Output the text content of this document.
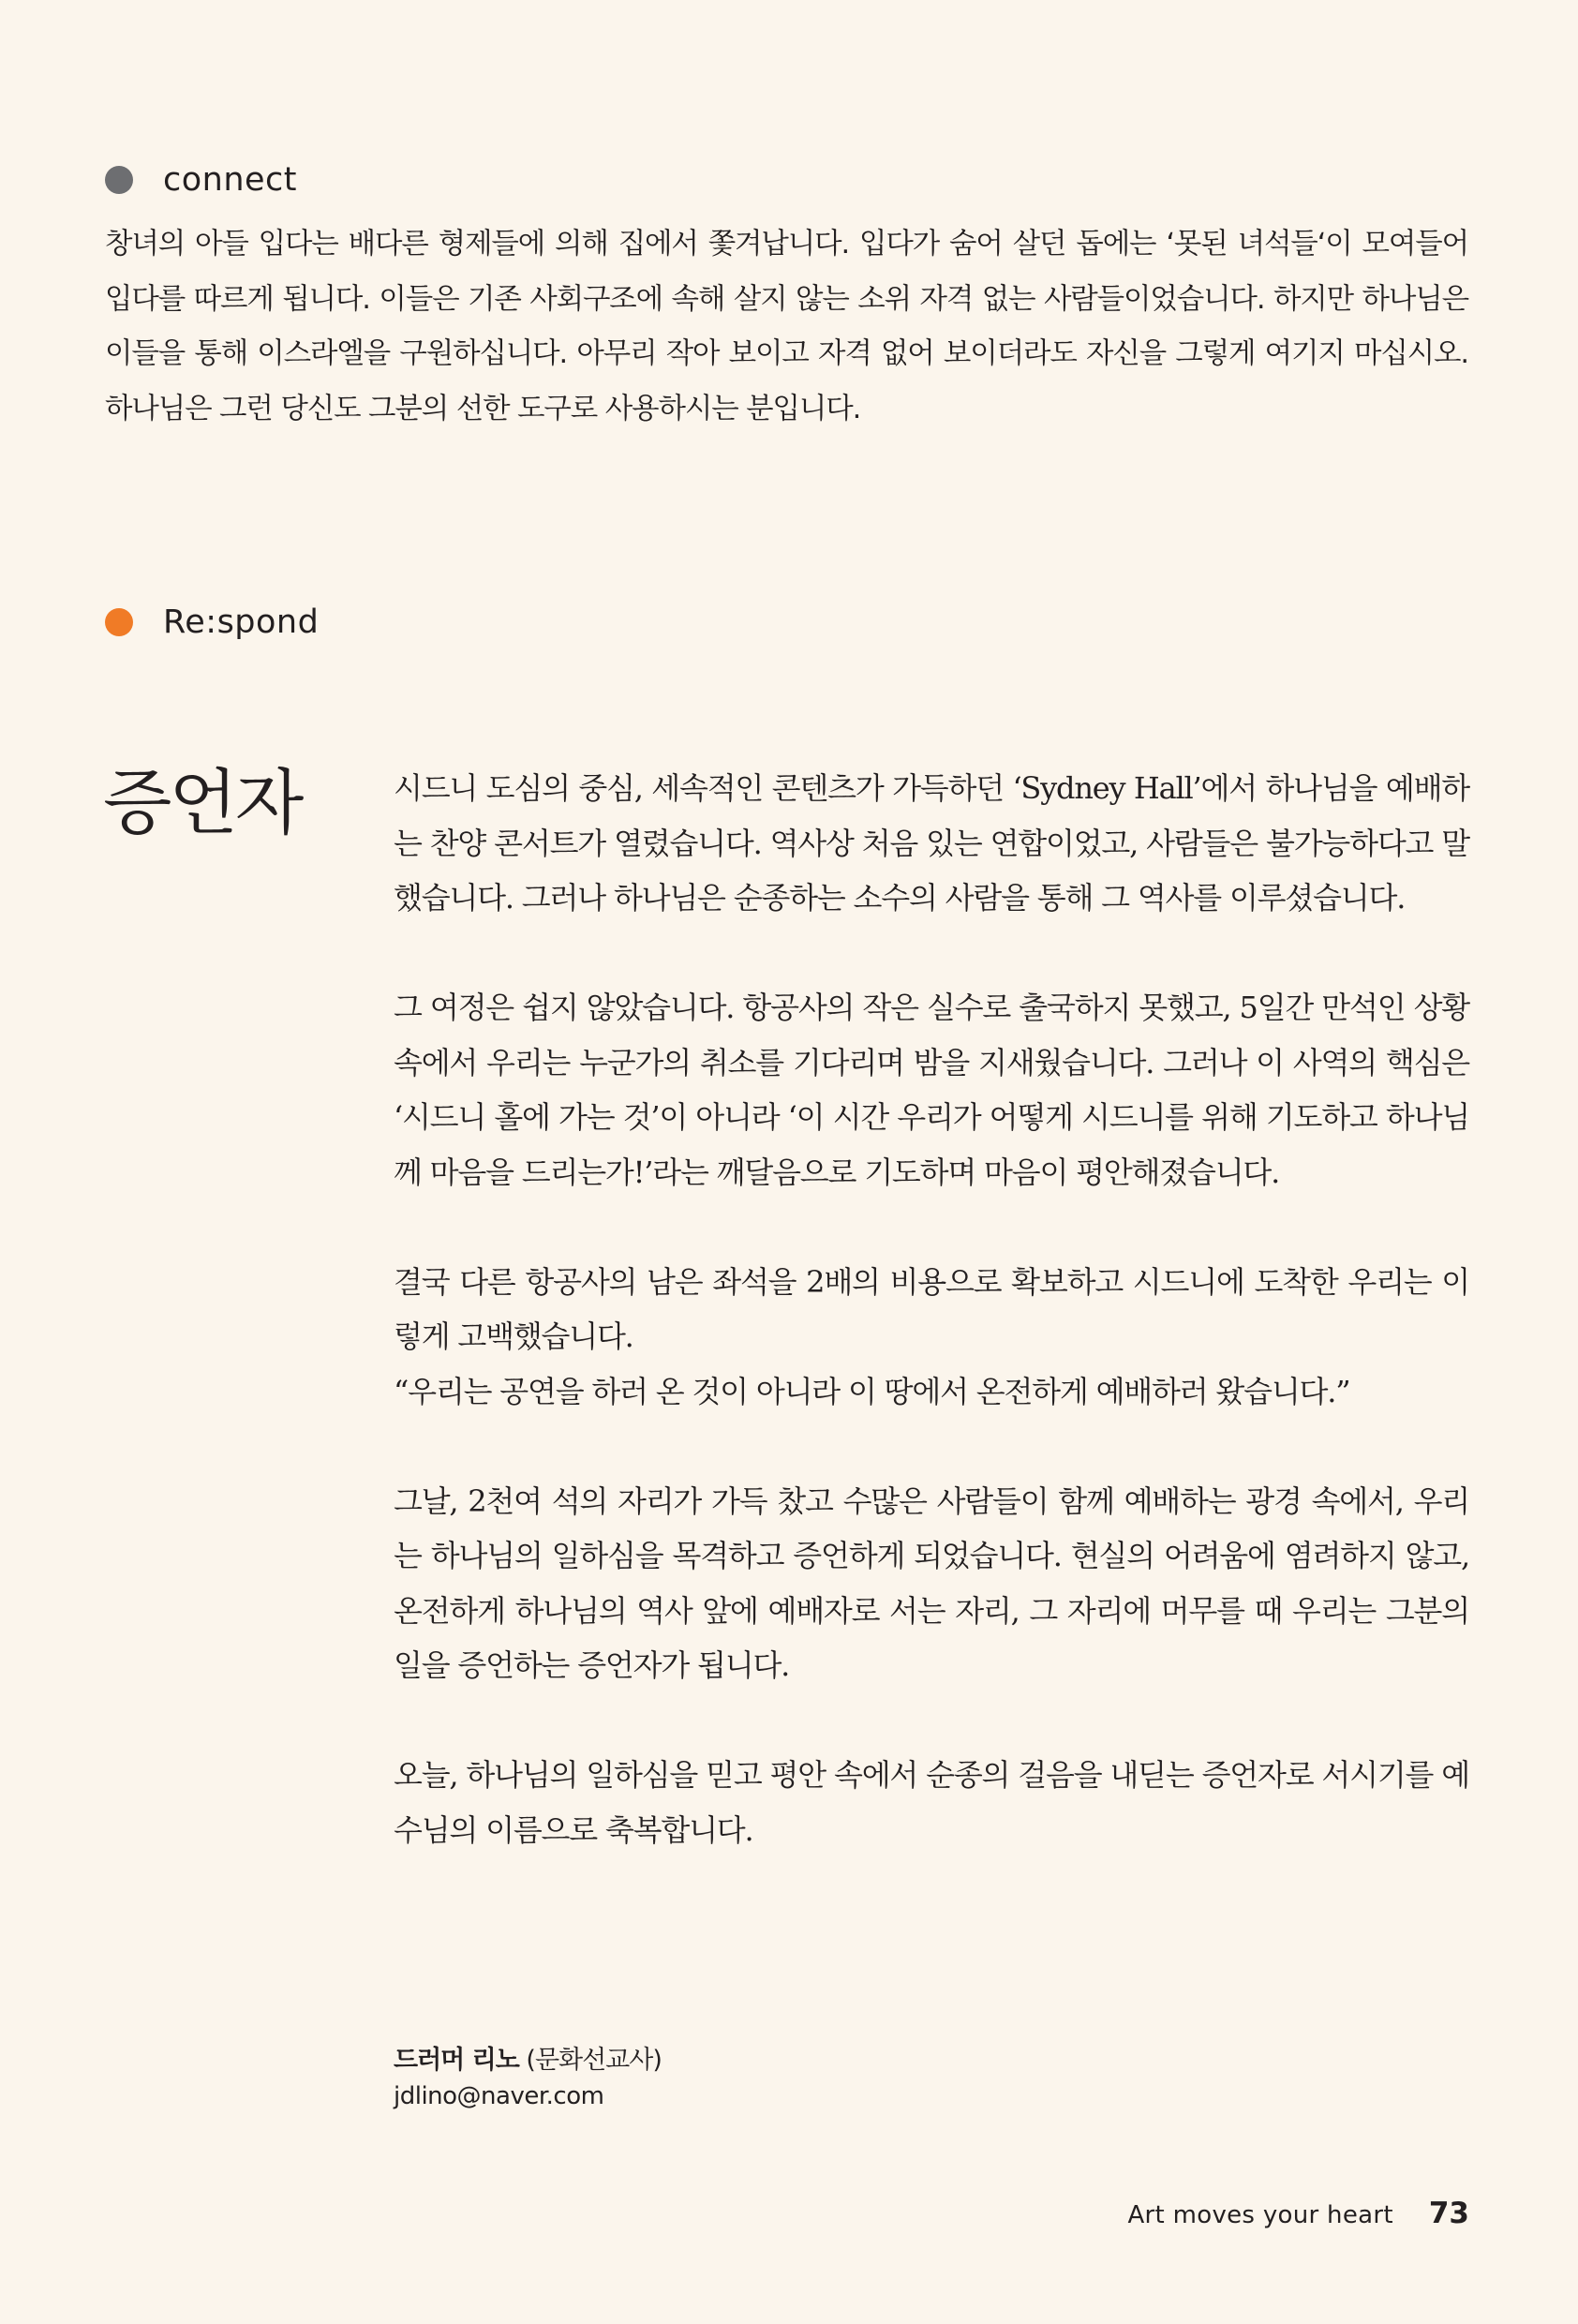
connect

창녀의 아들 입다는 배다른 형제들에 의해 집에서 쫓겨납니다. 입다가 숨어 살던 돕에는 ‘못된 녀석들‘이 모여들어 입다를 따르게 됩니다. 이들은 기존 사회구조에 속해 살지 않는 소위 자격 없는 사람들이었습니다. 하지만 하나님은 이들을 통해 이스라엘을 구원하십니다. 아무리 작아 보이고 자격 없어 보이더라도 자신을 그렇게 여기지 마십시오. 하나님은 그런 당신도 그분의 선한 도구로 사용하시는 분입니다.

Re:spond
증언자	시드니 도심의 중심, 세속적인 콘텐츠가 가득하던 ‘Sydney Hall’에서 하나님을 예배하는 찬양 콘서트가 열렸습니다. 역사상 처음 있는 연합이었고, 사람들은 불가능하다고 말했습니다. 그러나 하나님은 순종하는 소수의 사람을 통해 그 역사를 이루셨습니다.

그 여정은 쉽지 않았습니다. 항공사의 작은 실수로 출국하지 못했고, 5일간 만석인 상황 속에서 우리는 누군가의 취소를 기다리며 밤을 지새웠습니다. 그러나 이 사역의 핵심은 ‘시드니 홀에 가는 것’이 아니라 ‘이 시간 우리가 어떻게 시드니를 위해 기도하고 하나님께 마음을 드리는가!’라는 깨달음으로 기도하며 마음이 평안해졌습니다.

결국 다른 항공사의 남은 좌석을 2배의 비용으로 확보하고 시드니에 도착한 우리는 이렇게 고백했습니다.
“우리는 공연을 하러 온 것이 아니라 이 땅에서 온전하게 예배하러 왔습니다.”

그날, 2천여 석의 자리가 가득 찼고 수많은 사람들이 함께 예배하는 광경 속에서, 우리는 하나님의 일하심을 목격하고 증언하게 되었습니다. 현실의 어려움에 염려하지 않고, 온전하게 하나님의 역사 앞에 예배자로 서는 자리, 그 자리에 머무를 때 우리는 그분의 일을 증언하는 증언자가 됩니다.

오늘, 하나님의 일하심을 믿고 평안 속에서 순종의 걸음을 내딛는 증언자로 서시기를 예수님의 이름으로 축복합니다.

드러머 리노 (문화선교사)
jdlino@naver.com
Art moves your heart 73
